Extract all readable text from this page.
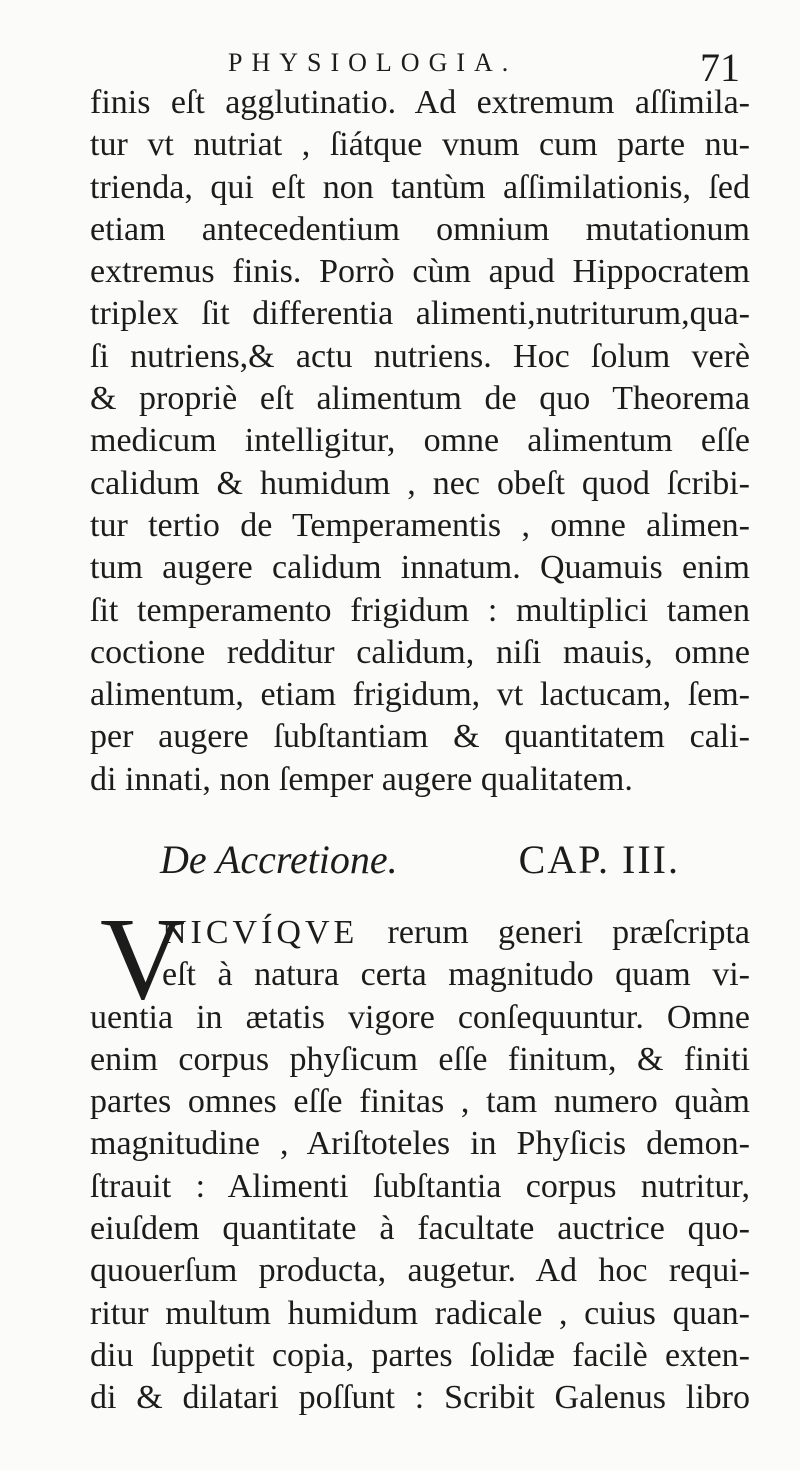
PHYSIOLOGIA.	71
finis eſt agglutinatio. Ad extremum aſſimila-
tur vt nutriat , ſiátque vnum cum parte nu-
trienda, qui eſt non tantùm aſſimilationis, ſed
etiam antecedentium omnium mutationum
extremus finis. Porrò cùm apud Hippocratem
triplex ſit differentia alimenti,nutriturum,qua-
ſi nutriens,& actu nutriens. Hoc ſolum verè
& propriè eſt alimentum de quo Theorema
medicum intelligitur, omne alimentum eſſe
calidum & humidum , nec obeſt quod ſcribi-
tur tertio de Temperamentis , omne alimen-
tum augere calidum innatum. Quamuis enim
ſit temperamento frigidum : multiplici tamen
coctione redditur calidum, niſi mauis, omne
alimentum, etiam frigidum, vt lactucam, ſem-
per augere ſubſtantiam & quantitatem cali-
di innati, non ſemper augere qualitatem.
De Accretione.	CAP. III.
V
NICVÍQVE rerum generi præſcripta
eſt à natura certa magnitudo quam vi-
uentia in ætatis vigore conſequuntur. Omne
enim corpus phyſicum eſſe finitum, & finiti
partes omnes eſſe finitas , tam numero quàm
magnitudine , Ariſtoteles in Phyſicis demon-
ſtrauit : Alimenti ſubſtantia corpus nutritur,
eiuſdem quantitate à facultate auctrice quo-
quouerſum producta, augetur. Ad hoc requi-
ritur multum humidum radicale , cuius quan-
diu ſuppetit copia, partes ſolidæ facilè exten-
di & dilatari poſſunt : Scribit Galenus libro
